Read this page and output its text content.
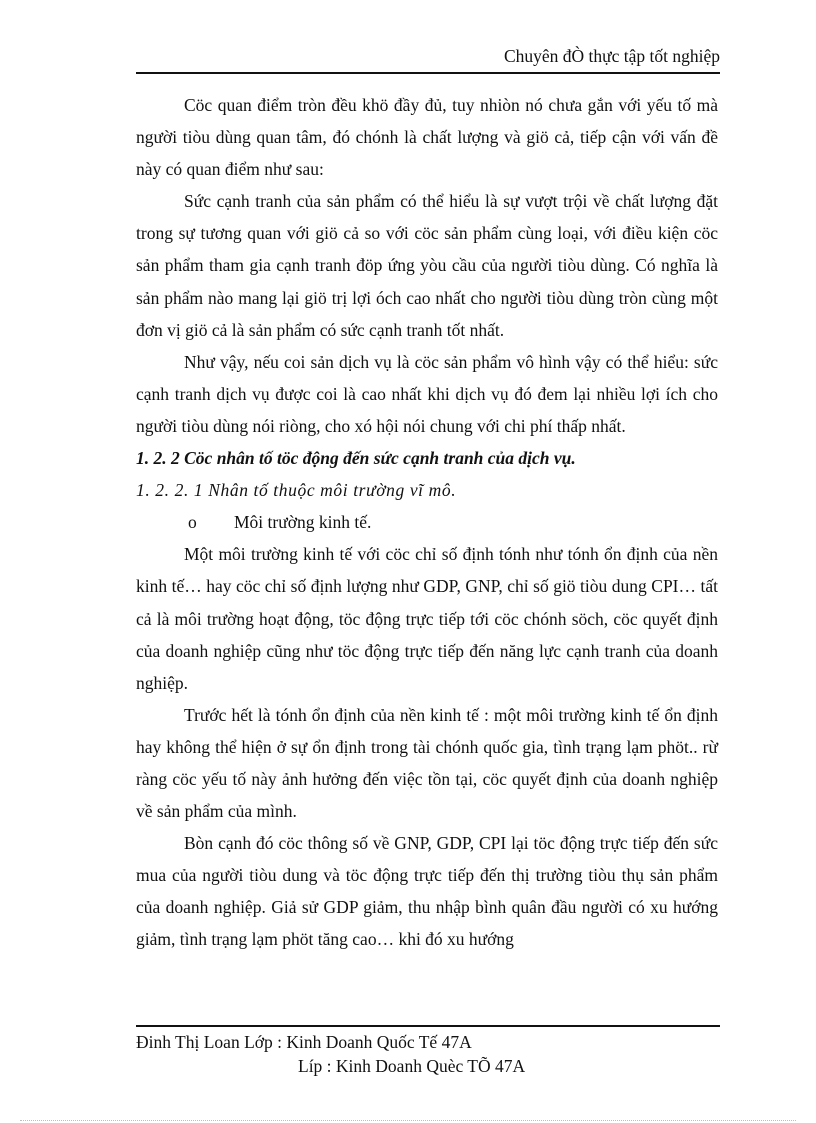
Chuyên đÒ thực tập tốt nghiệp

Cöc quan điểm tròn đều khö đầy đủ, tuy nhiòn nó chưa gắn với yếu tố mà người tiòu dùng quan tâm, đó chónh là chất lượng và giö cả, tiếp cận với vấn đề này có quan điểm như sau:

Sức cạnh tranh của sản phẩm có thể hiểu là sự vượt trội về chất lượng đặt trong sự tương quan với giö cả so với cöc sản phẩm cùng loại, với điều kiện cöc sản phẩm tham gia cạnh tranh đöp ứng yòu cầu của người tiòu dùng. Có nghĩa là sản phẩm nào mang lại giö trị lợi óch cao nhất cho người tiòu dùng tròn cùng một đơn vị giö cả là sản phẩm có sức cạnh tranh tốt nhất.

Như vậy, nếu coi sản dịch vụ là cöc sản phẩm vô hình vậy có thể hiểu: sức cạnh tranh dịch vụ được coi là cao nhất khi dịch vụ đó đem lại nhiều lợi ích cho người tiòu dùng nói riòng, cho xó hội nói chung với chi phí thấp nhất.

1. 2. 2 Cöc nhân tố töc động đến sức cạnh tranh của dịch vụ.

1. 2. 2. 1 Nhân tố thuộc môi trường vĩ mô.

o Môi trường kinh tế.

Một môi trường kinh tế với cöc chỉ số định tónh như tónh ổn định của nền kinh tế… hay cöc chỉ số định lượng như GDP, GNP, chỉ số giö tiòu dung CPI… tất cả là môi trường hoạt động, töc động trực tiếp tới cöc chónh söch, cöc quyết định của doanh nghiệp cũng như töc động trực tiếp đến năng lực cạnh tranh của doanh nghiệp.

Trước hết là tónh ổn định của nền kinh tế : một môi trường kinh tế ổn định hay không thể hiện ở sự ổn định trong tài chónh quốc gia, tình trạng lạm phöt.. rừ ràng cöc yếu tố này ảnh hưởng đến việc tồn tại, cöc quyết định của doanh nghiệp về sản phẩm của mình.

Bòn cạnh đó cöc thông số về GNP, GDP, CPI lại töc động trực tiếp đến sức mua của người tiòu dung và töc động trực tiếp đến thị trường tiòu thụ sản phẩm của doanh nghiệp. Giả sử GDP giảm, thu nhập bình quân đầu người có xu hướng giảm, tình trạng lạm phöt tăng cao… khi đó xu hướng

Đinh Thị Loan Lớp : Kinh Doanh Quốc Tế 47A
Líp : Kinh Doanh Quèc TÕ 47A
